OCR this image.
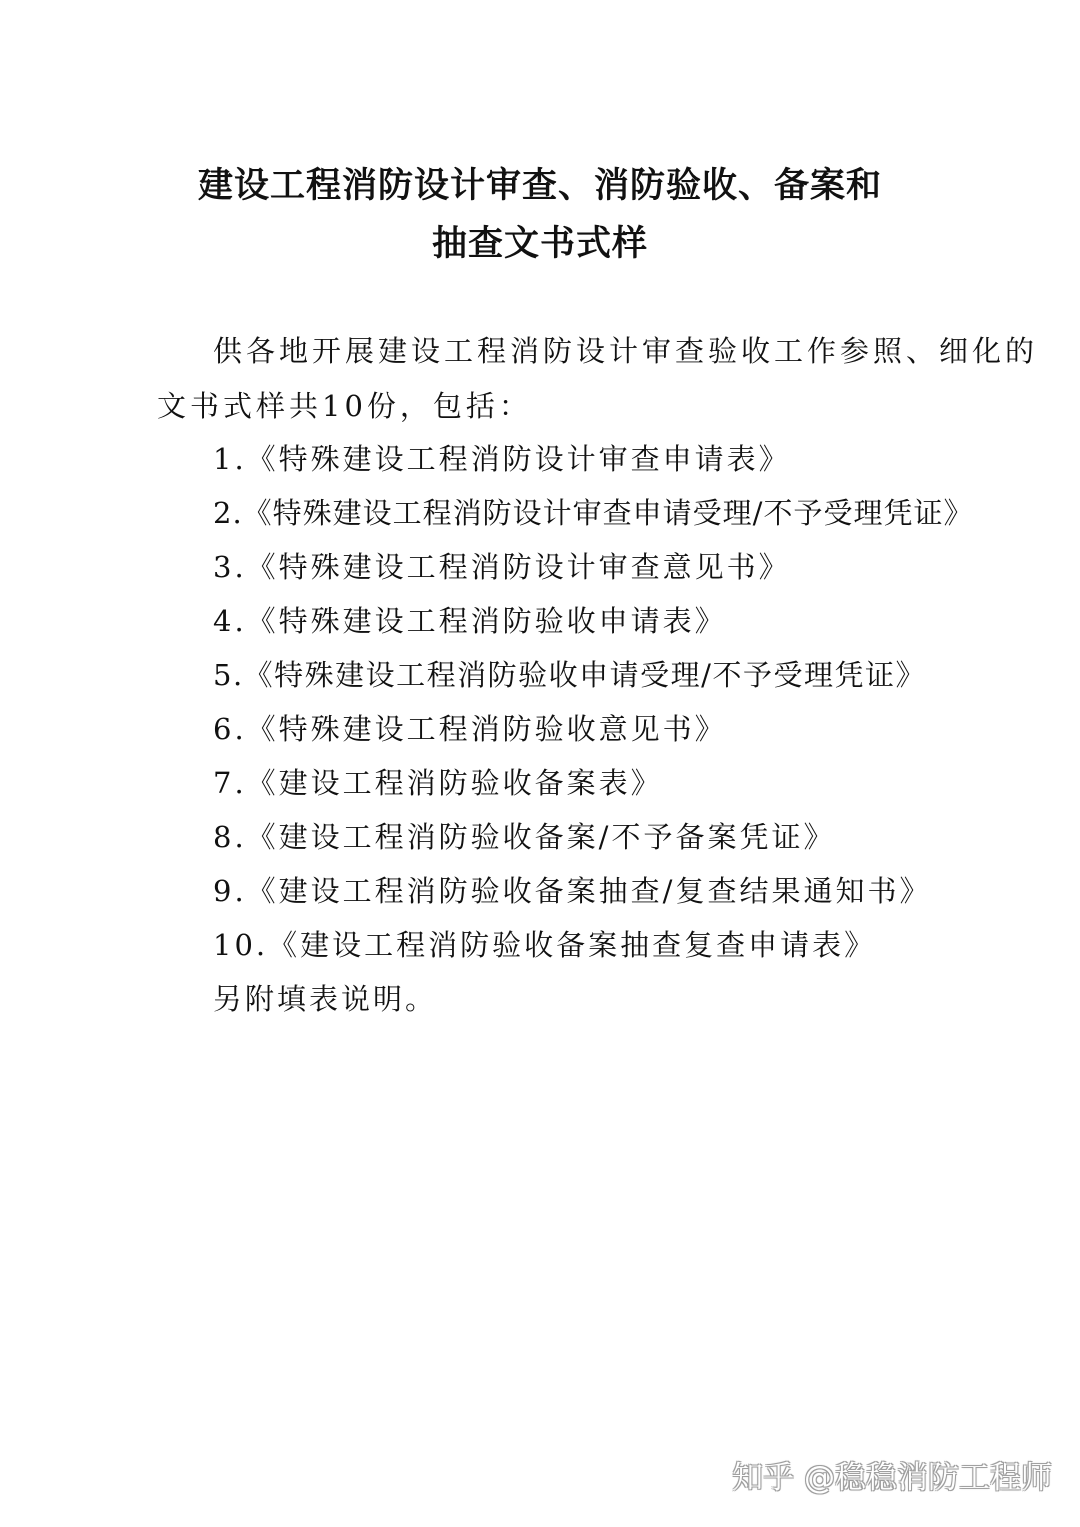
建设工程消防设计审查、消防验收、备案和
抽查文书式样

供各地开展建设工程消防设计审查验收工作参照、细化的

文书式样共10份，包括：

1.《特殊建设工程消防设计审查申请表》

2.《特殊建设工程消防设计审查申请受理/不予受理凭证》

3.《特殊建设工程消防设计审查意见书》

4.《特殊建设工程消防验收申请表》

5.《特殊建设工程消防验收申请受理/不予受理凭证》

6.《特殊建设工程消防验收意见书》

7.《建设工程消防验收备案表》

8.《建设工程消防验收备案/不予备案凭证》

9.《建设工程消防验收备案抽查/复查结果通知书》

10.《建设工程消防验收备案抽查复查申请表》

另附填表说明。

知乎 @稳稳消防工程师
